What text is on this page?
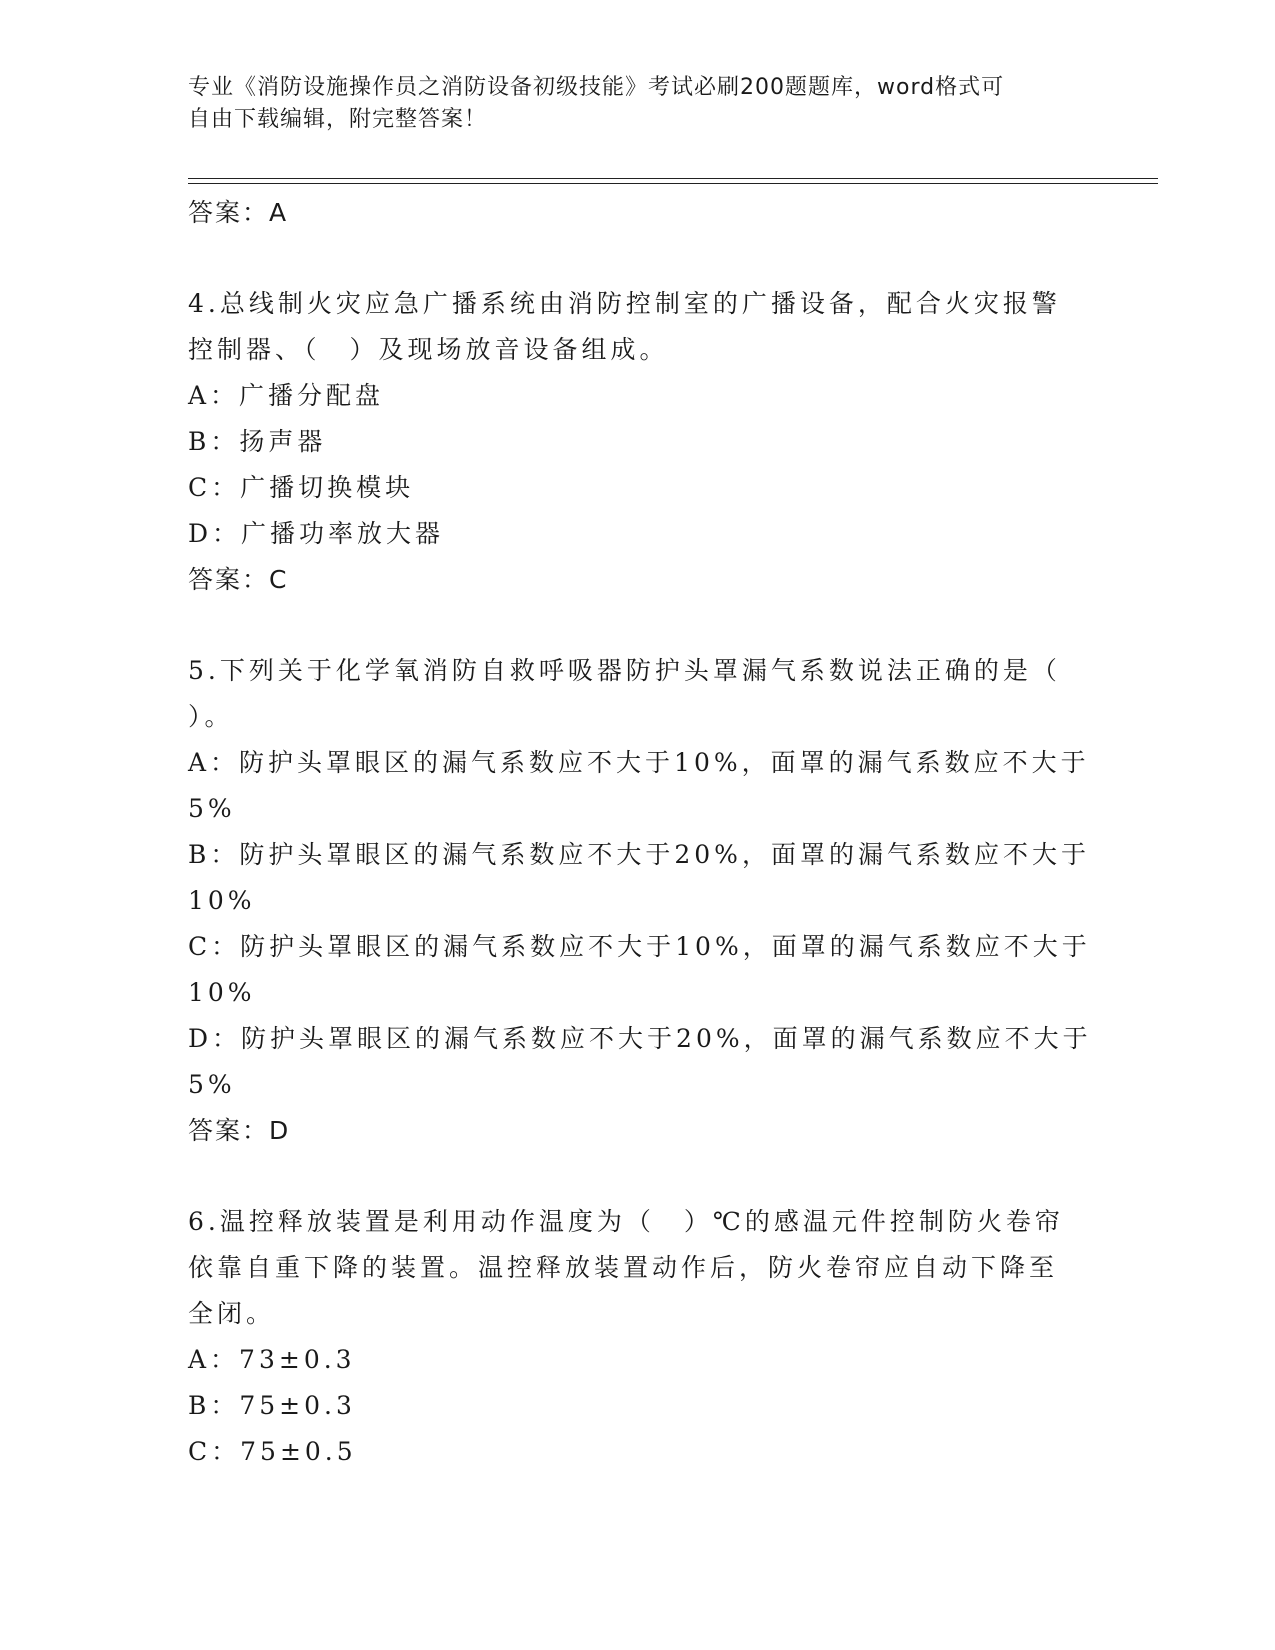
专业《消防设施操作员之消防设备初级技能》考试必刷200题题库，word格式可
自由下载编辑，附完整答案！
答案：A
4.总线制火灾应急广播系统由消防控制室的广播设备，配合火灾报警
控制器、（　）及现场放音设备组成。
A：广播分配盘
B：扬声器
C：广播切换模块
D：广播功率放大器
答案：C
5.下列关于化学氧消防自救呼吸器防护头罩漏气系数说法正确的是（
）。
A：防护头罩眼区的漏气系数应不大于10%，面罩的漏气系数应不大于
5%
B：防护头罩眼区的漏气系数应不大于20%，面罩的漏气系数应不大于
10%
C：防护头罩眼区的漏气系数应不大于10%，面罩的漏气系数应不大于
10%
D：防护头罩眼区的漏气系数应不大于20%，面罩的漏气系数应不大于
5%
答案：D
6.温控释放装置是利用动作温度为（　）℃的感温元件控制防火卷帘
依靠自重下降的装置。温控释放装置动作后，防火卷帘应自动下降至
全闭。
A：73±0.3
B：75±0.3
C：75±0.5
